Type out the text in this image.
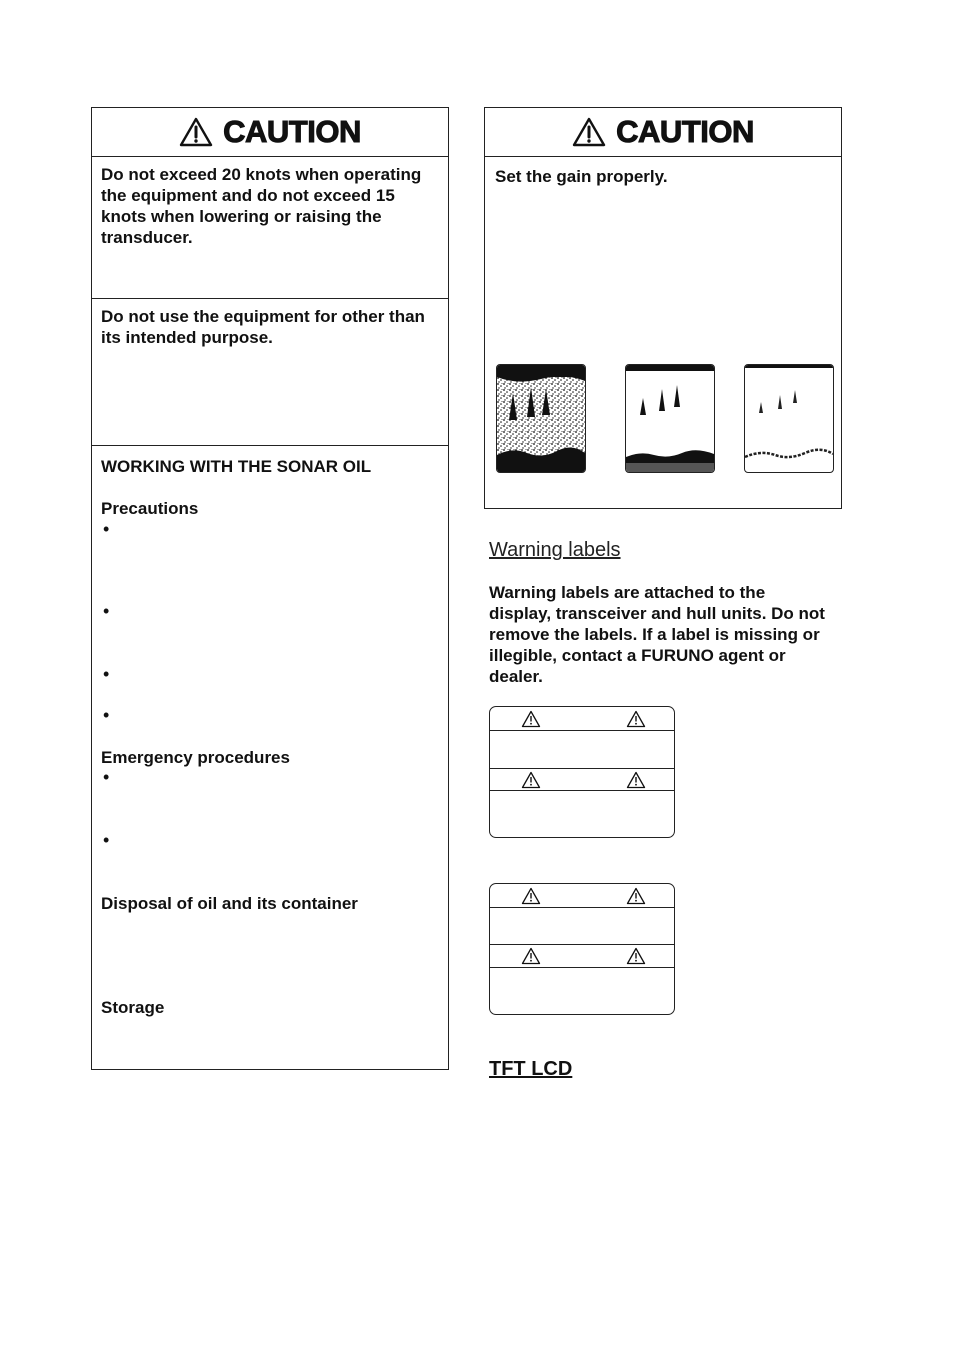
CAUTION
Do not exceed 20 knots when operating the equipment and do not exceed 15 knots when lowering or raising the transducer.
Do not use the equipment for other than its intended purpose.
WORKING WITH THE SONAR OIL
Precautions
•
•
•
•
Emergency procedures
•
•
Disposal of oil and its container
Storage
CAUTION
Set the gain properly.
Warning labels
Warning labels are attached to the display, transceiver and hull units. Do not remove the labels. If a label is missing or illegible, contact a FURUNO agent or dealer.
TFT LCD
